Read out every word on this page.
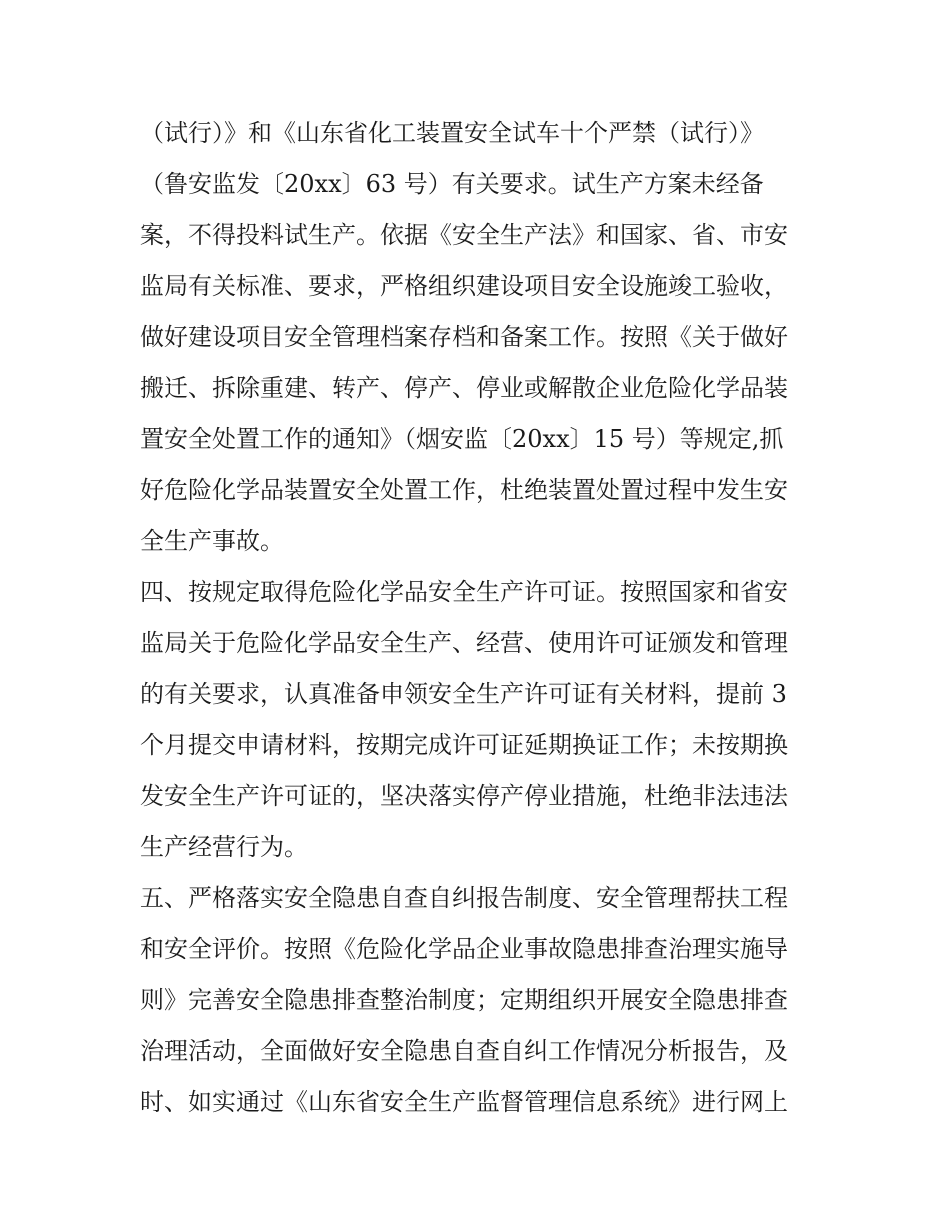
（试行）》和《山东省化工装置安全试车十个严禁（试行）》
（鲁安监发〔20xx〕63 号）有关要求。试生产方案未经备
案，不得投料试生产。依据《安全生产法》和国家、省、市安
监局有关标准、要求，严格组织建设项目安全设施竣工验收，
做好建设项目安全管理档案存档和备案工作。按照《关于做好
搬迁、拆除重建、转产、停产、停业或解散企业危险化学品装
置安全处置工作的通知》（烟安监〔20xx〕15 号）等规定,抓
好危险化学品装置安全处置工作，杜绝装置处置过程中发生安
全生产事故。
四、按规定取得危险化学品安全生产许可证。按照国家和省安
监局关于危险化学品安全生产、经营、使用许可证颁发和管理
的有关要求，认真准备申领安全生产许可证有关材料，提前 3
个月提交申请材料，按期完成许可证延期换证工作；未按期换
发安全生产许可证的，坚决落实停产停业措施，杜绝非法违法
生产经营行为。
五、严格落实安全隐患自查自纠报告制度、安全管理帮扶工程
和安全评价。按照《危险化学品企业事故隐患排查治理实施导
则》完善安全隐患排查整治制度；定期组织开展安全隐患排查
治理活动，全面做好安全隐患自查自纠工作情况分析报告，及
时、如实通过《山东省安全生产监督管理信息系统》进行网上
